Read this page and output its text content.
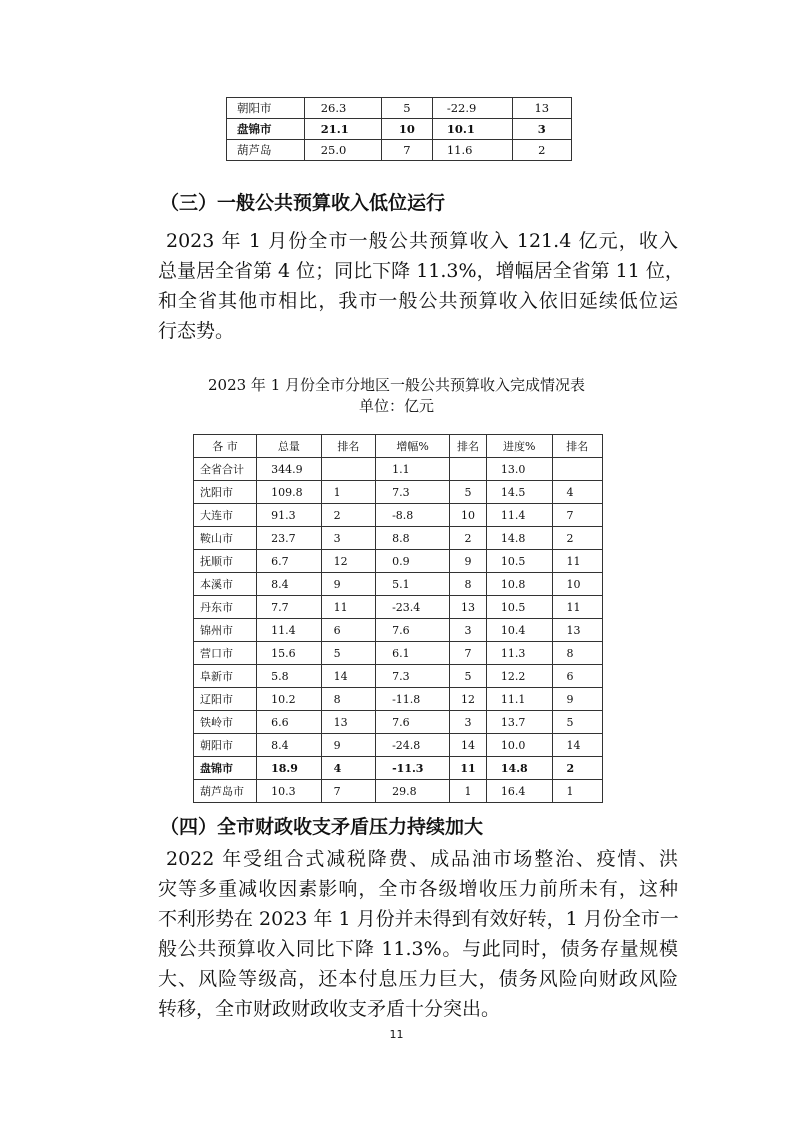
朝阳市	26.3	5	-22.9	13
盘锦市	21.1	10	10.1	3
葫芦岛	25.0	7	11.6	2
（三）一般公共预算收入低位运行
2023 年 1 月份全市一般公共预算收入 121.4 亿元，收入
总量居全省第 4 位；同比下降 11.3%，增幅居全省第 11 位，
和全省其他市相比，我市一般公共预算收入依旧延续低位运
行态势。
2023 年 1 月份全市分地区一般公共预算收入完成情况表
单位：亿元
各 市	总量	排名	增幅%	排名	进度%	排名
全省合计	344.9		1.1		13.0	
沈阳市	109.8	1	7.3	5	14.5	4
大连市	91.3	2	-8.8	10	11.4	7
鞍山市	23.7	3	8.8	2	14.8	2
抚顺市	6.7	12	0.9	9	10.5	11
本溪市	8.4	9	5.1	8	10.8	10
丹东市	7.7	11	-23.4	13	10.5	11
锦州市	11.4	6	7.6	3	10.4	13
营口市	15.6	5	6.1	7	11.3	8
阜新市	5.8	14	7.3	5	12.2	6
辽阳市	10.2	8	-11.8	12	11.1	9
铁岭市	6.6	13	7.6	3	13.7	5
朝阳市	8.4	9	-24.8	14	10.0	14
盘锦市	18.9	4	-11.3	11	14.8	2
葫芦岛市	10.3	7	29.8	1	16.4	1
（四）全市财政收支矛盾压力持续加大
2022 年受组合式减税降费、成品油市场整治、疫情、洪
灾等多重减收因素影响，全市各级增收压力前所未有，这种
不利形势在 2023 年 1 月份并未得到有效好转，1 月份全市一
般公共预算收入同比下降 11.3%。与此同时，债务存量规模
大、风险等级高，还本付息压力巨大，债务风险向财政风险
转移，全市财政财政收支矛盾十分突出。
11
